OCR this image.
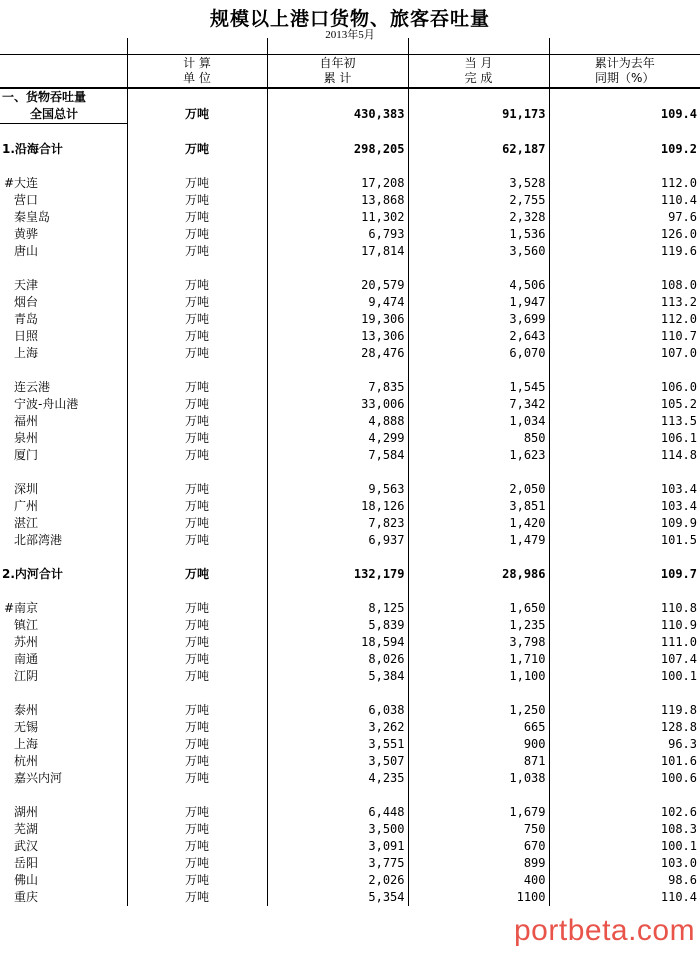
规模以上港口货物、旅客吞吐量
2013年5月

	计 算	自年初	当 月	累计为去年
	单 位	累 计	完 成	同期（%）
一、货物吞吐量				
全国总计	万吨	430,383	91,173	109.4

1.沿海合计	万吨	298,205	62,187	109.2

#大连	万吨	17,208	3,528	112.0
营口	万吨	13,868	2,755	110.4
秦皇岛	万吨	11,302	2,328	97.6
黄骅	万吨	6,793	1,536	126.0
唐山	万吨	17,814	3,560	119.6

天津	万吨	20,579	4,506	108.0
烟台	万吨	9,474	1,947	113.2
青岛	万吨	19,306	3,699	112.0
日照	万吨	13,306	2,643	110.7
上海	万吨	28,476	6,070	107.0

连云港	万吨	7,835	1,545	106.0
宁波-舟山港	万吨	33,006	7,342	105.2
福州	万吨	4,888	1,034	113.5
泉州	万吨	4,299	850	106.1
厦门	万吨	7,584	1,623	114.8

深圳	万吨	9,563	2,050	103.4
广州	万吨	18,126	3,851	103.4
湛江	万吨	7,823	1,420	109.9
北部湾港	万吨	6,937	1,479	101.5

2.内河合计	万吨	132,179	28,986	109.7

#南京	万吨	8,125	1,650	110.8
镇江	万吨	5,839	1,235	110.9
苏州	万吨	18,594	3,798	111.0
南通	万吨	8,026	1,710	107.4
江阴	万吨	5,384	1,100	100.1

泰州	万吨	6,038	1,250	119.8
无锡	万吨	3,262	665	128.8
上海	万吨	3,551	900	96.3
杭州	万吨	3,507	871	101.6
嘉兴内河	万吨	4,235	1,038	100.6

湖州	万吨	6,448	1,679	102.6
芜湖	万吨	3,500	750	108.3
武汉	万吨	3,091	670	100.1
岳阳	万吨	3,775	899	103.0
佛山	万吨	2,026	400	98.6
重庆	万吨	5,354	1100	110.4
portbeta.com
